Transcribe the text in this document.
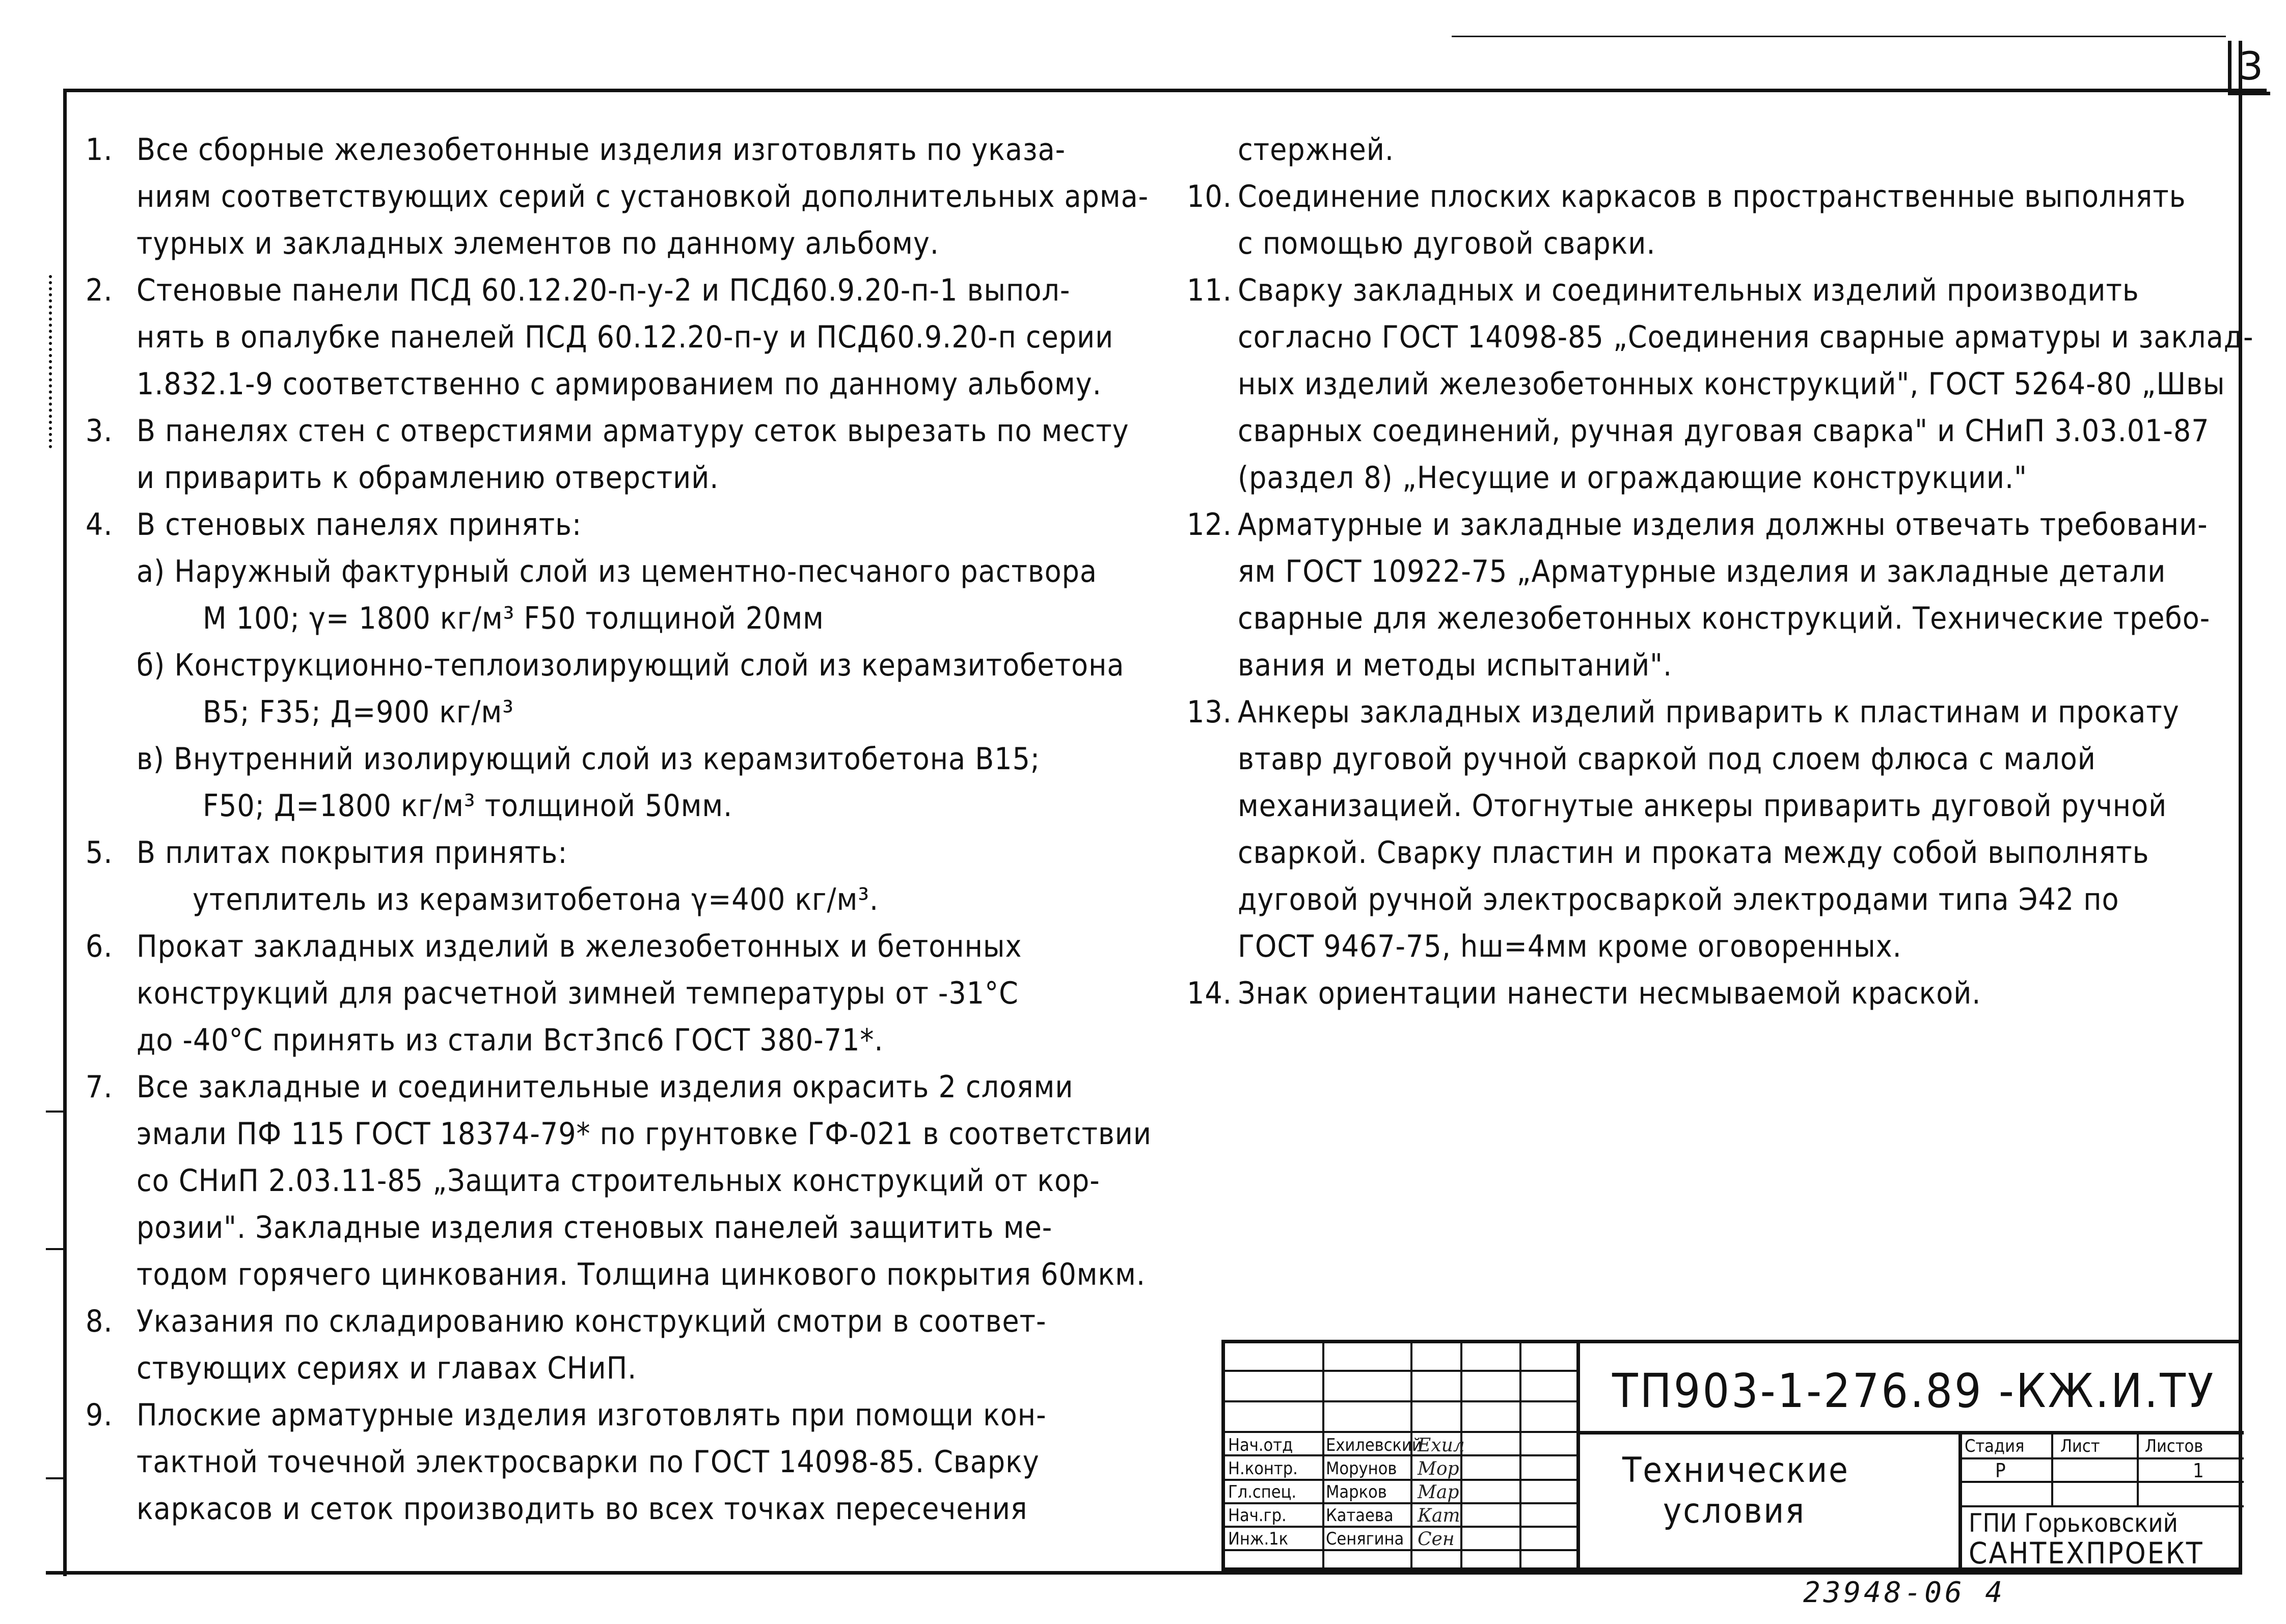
3
1. Все сборные железобетонные изделия изготовлять по указа-
ниям соответствующих серий с установкой дополнительных арма-
турных и закладных элементов по данному альбому.
2. Стеновые панели ПСД 60.12.20-п-у-2 и ПСД60.9.20-п-1 выпол-
нять в опалубке панелей ПСД 60.12.20-п-у и ПСД60.9.20-п серии
1.832.1-9 соответственно с армированием по данному альбому.
3. В панелях стен с отверстиями арматуру сеток вырезать по месту
и приварить к обрамлению отверстий.
4. В стеновых панелях принять:
а) Наружный фактурный слой из цементно-песчаного раствора
М 100; γ= 1800 кг/м³ F50 толщиной 20мм
б) Конструкционно-теплоизолирующий слой из керамзитобетона
В5; F35; Д=900 кг/м³
в) Внутренний изолирующий слой из керамзитобетона В15;
F50; Д=1800 кг/м³ толщиной 50мм.
5. В плитах покрытия принять:
утеплитель из керамзитобетона γ=400 кг/м³.
6. Прокат закладных изделий в железобетонных и бетонных
конструкций для расчетной зимней температуры от -31°С
до -40°С принять из стали Вст3пс6 ГОСТ 380-71*.
7. Все закладные и соединительные изделия окрасить 2 слоями
эмали ПФ 115 ГОСТ 18374-79* по грунтовке ГФ-021 в соответствии
со СНиП 2.03.11-85 „Защита строительных конструкций от кор-
розии". Закладные изделия стеновых панелей защитить ме-
тодом горячего цинкования. Толщина цинкового покрытия 60мкм.
8. Указания по складированию конструкций смотри в соответ-
ствующих сериях и главах СНиП.
9. Плоские арматурные изделия изготовлять при помощи кон-
тактной точечной электросварки по ГОСТ 14098-85. Сварку
каркасов и сеток производить во всех точках пересечения
стержней.
10. Соединение плоских каркасов в пространственные выполнять
с помощью дуговой сварки.
11. Сварку закладных и соединительных изделий производить
согласно ГОСТ 14098-85 „Соединения сварные арматуры и заклад-
ных изделий железобетонных конструкций", ГОСТ 5264-80 „Швы
сварных соединений, ручная дуговая сварка" и СНиП 3.03.01-87
(раздел 8) „Несущие и ограждающие конструкции."
12. Арматурные и закладные изделия должны отвечать требовани-
ям ГОСТ 10922-75 „Арматурные изделия и закладные детали
сварные для железобетонных конструкций. Технические требо-
вания и методы испытаний".
13. Анкеры закладных изделий приварить к пластинам и прокату
втавр дуговой ручной сваркой под слоем флюса с малой
механизацией. Отогнутые анкеры приварить дуговой ручной
сваркой. Сварку пластин и проката между собой выполнять
дуговой ручной электросваркой электродами типа Э42 по
ГОСТ 9467-75, hш=4мм кроме оговоренных.
14. Знак ориентации нанести несмываемой краской.
Нач.отд Ехилевский
Ехил
Н.контр. Морунов Мор
Гл.спец. Марков Мар
Нач.гр. Катаева Кат
Инж.1к Сенягина Сен
ТП903-1-276.89 -КЖ.И.ТУ
Технические
условия
Стадия Лист	Листов
Р	1
ГПИ Горьковский
САНТЕХПРОЕКТ
23948-06 4
